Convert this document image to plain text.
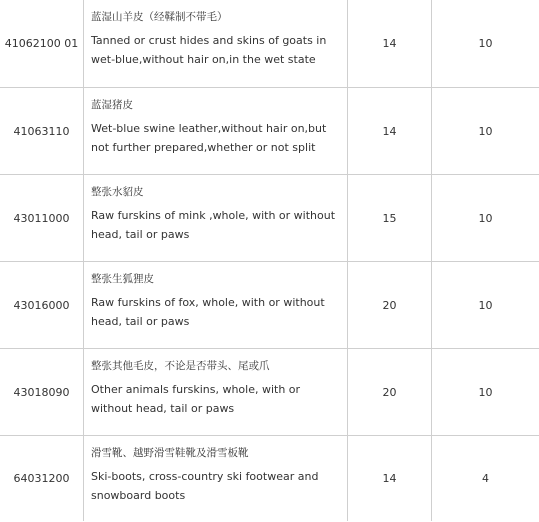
41062100 01
蓝湿山羊皮（经鞣制不带毛）
Tanned or crust hides and skins of goats in wet-blue,without hair on,in the wet state
14	10
41063110
蓝湿猪皮
Wet-blue swine leather,without hair on,but not further prepared,whether or not split
14	10
43011000
整张水貂皮
Raw furskins of mink ,whole, with or without head, tail or paws
15	10
43016000
整张生狐狸皮
Raw furskins of fox, whole, with or without head, tail or paws
20	10
43018090
整张其他毛皮，不论是否带头、尾或爪
Other animals furskins, whole, with or without head, tail or paws
20	10
64031200
滑雪靴、越野滑雪鞋靴及滑雪板靴
Ski-boots, cross-country ski footwear and snowboard boots
14	4
